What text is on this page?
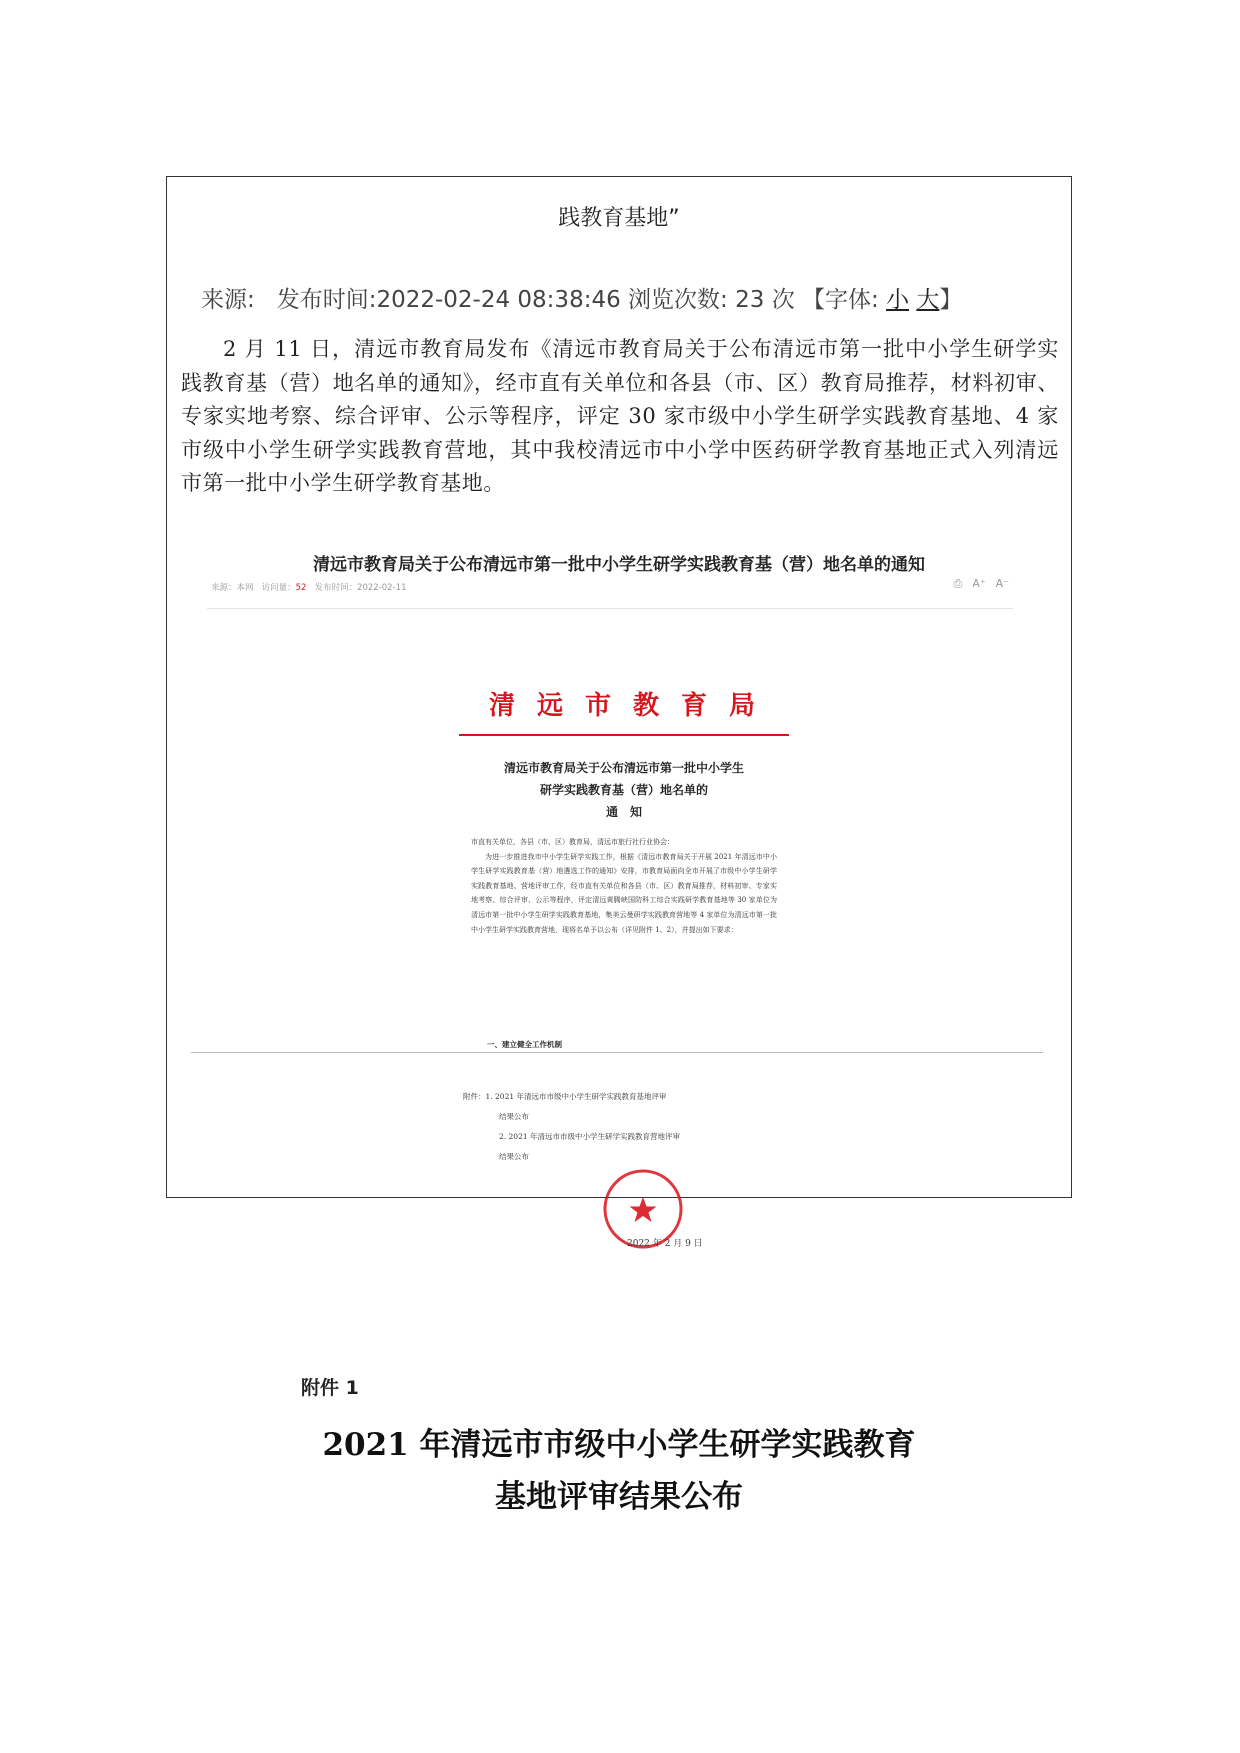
践教育基地”
来源: 发布时间:2022-02-24 08:38:46 浏览次数: 23 次 【字体: 小 大】
2 月 11 日，清远市教育局发布《清远市教育局关于公布清远市第一批中小学生研学实践教育基（营）地名单的通知》，经市直有关单位和各县（市、区）教育局推荐，材料初审、专家实地考察、综合评审、公示等程序，评定 30 家市级中小学生研学实践教育基地、4 家市级中小学生研学实践教育营地，其中我校清远市中小学中医药研学教育基地正式入列清远市第一批中小学生研学教育基地。
清远市教育局关于公布清远市第一批中小学生研学实践教育基（营）地名单的通知
来源：本网 访问量：52 发布时间：2022-02-11	⎙ A⁺ A⁻
清远市教育局
清远市教育局关于公布清远市第一批中小学生
研学实践教育基（营）地名单的
通　知
市直有关单位，各县（市、区）教育局，清远市旅行社行业协会：
为进一步推进我市中小学生研学实践工作，根据《清远市教育局关于开展 2021 年清远市中小学生研学实践教育基（营）地遴选工作的通知》安排，市教育局面向全市开展了市级中小学生研学实践教育基地、营地评审工作，经市直有关单位和各县（市、区）教育局推荐，材料初审、专家实地考察、综合评审、公示等程序，评定清远黄腾峡国防科工综合实践研学教育基地等 30 家单位为清远市第一批中小学生研学实践教育基地，集美云曼研学实践教育营地等 4 家单位为清远市第一批中小学生研学实践教育营地，现将名单予以公布（详见附件 1、2），并提出如下要求：
一、建立健全工作机制
附件：1. 2021 年清远市市级中小学生研学实践教育基地评审
结果公布
2. 2021 年清远市市级中小学生研学实践教育营地评审
结果公布
2022 年 2 月 9 日
附件 1
2021 年清远市市级中小学生研学实践教育
基地评审结果公布
